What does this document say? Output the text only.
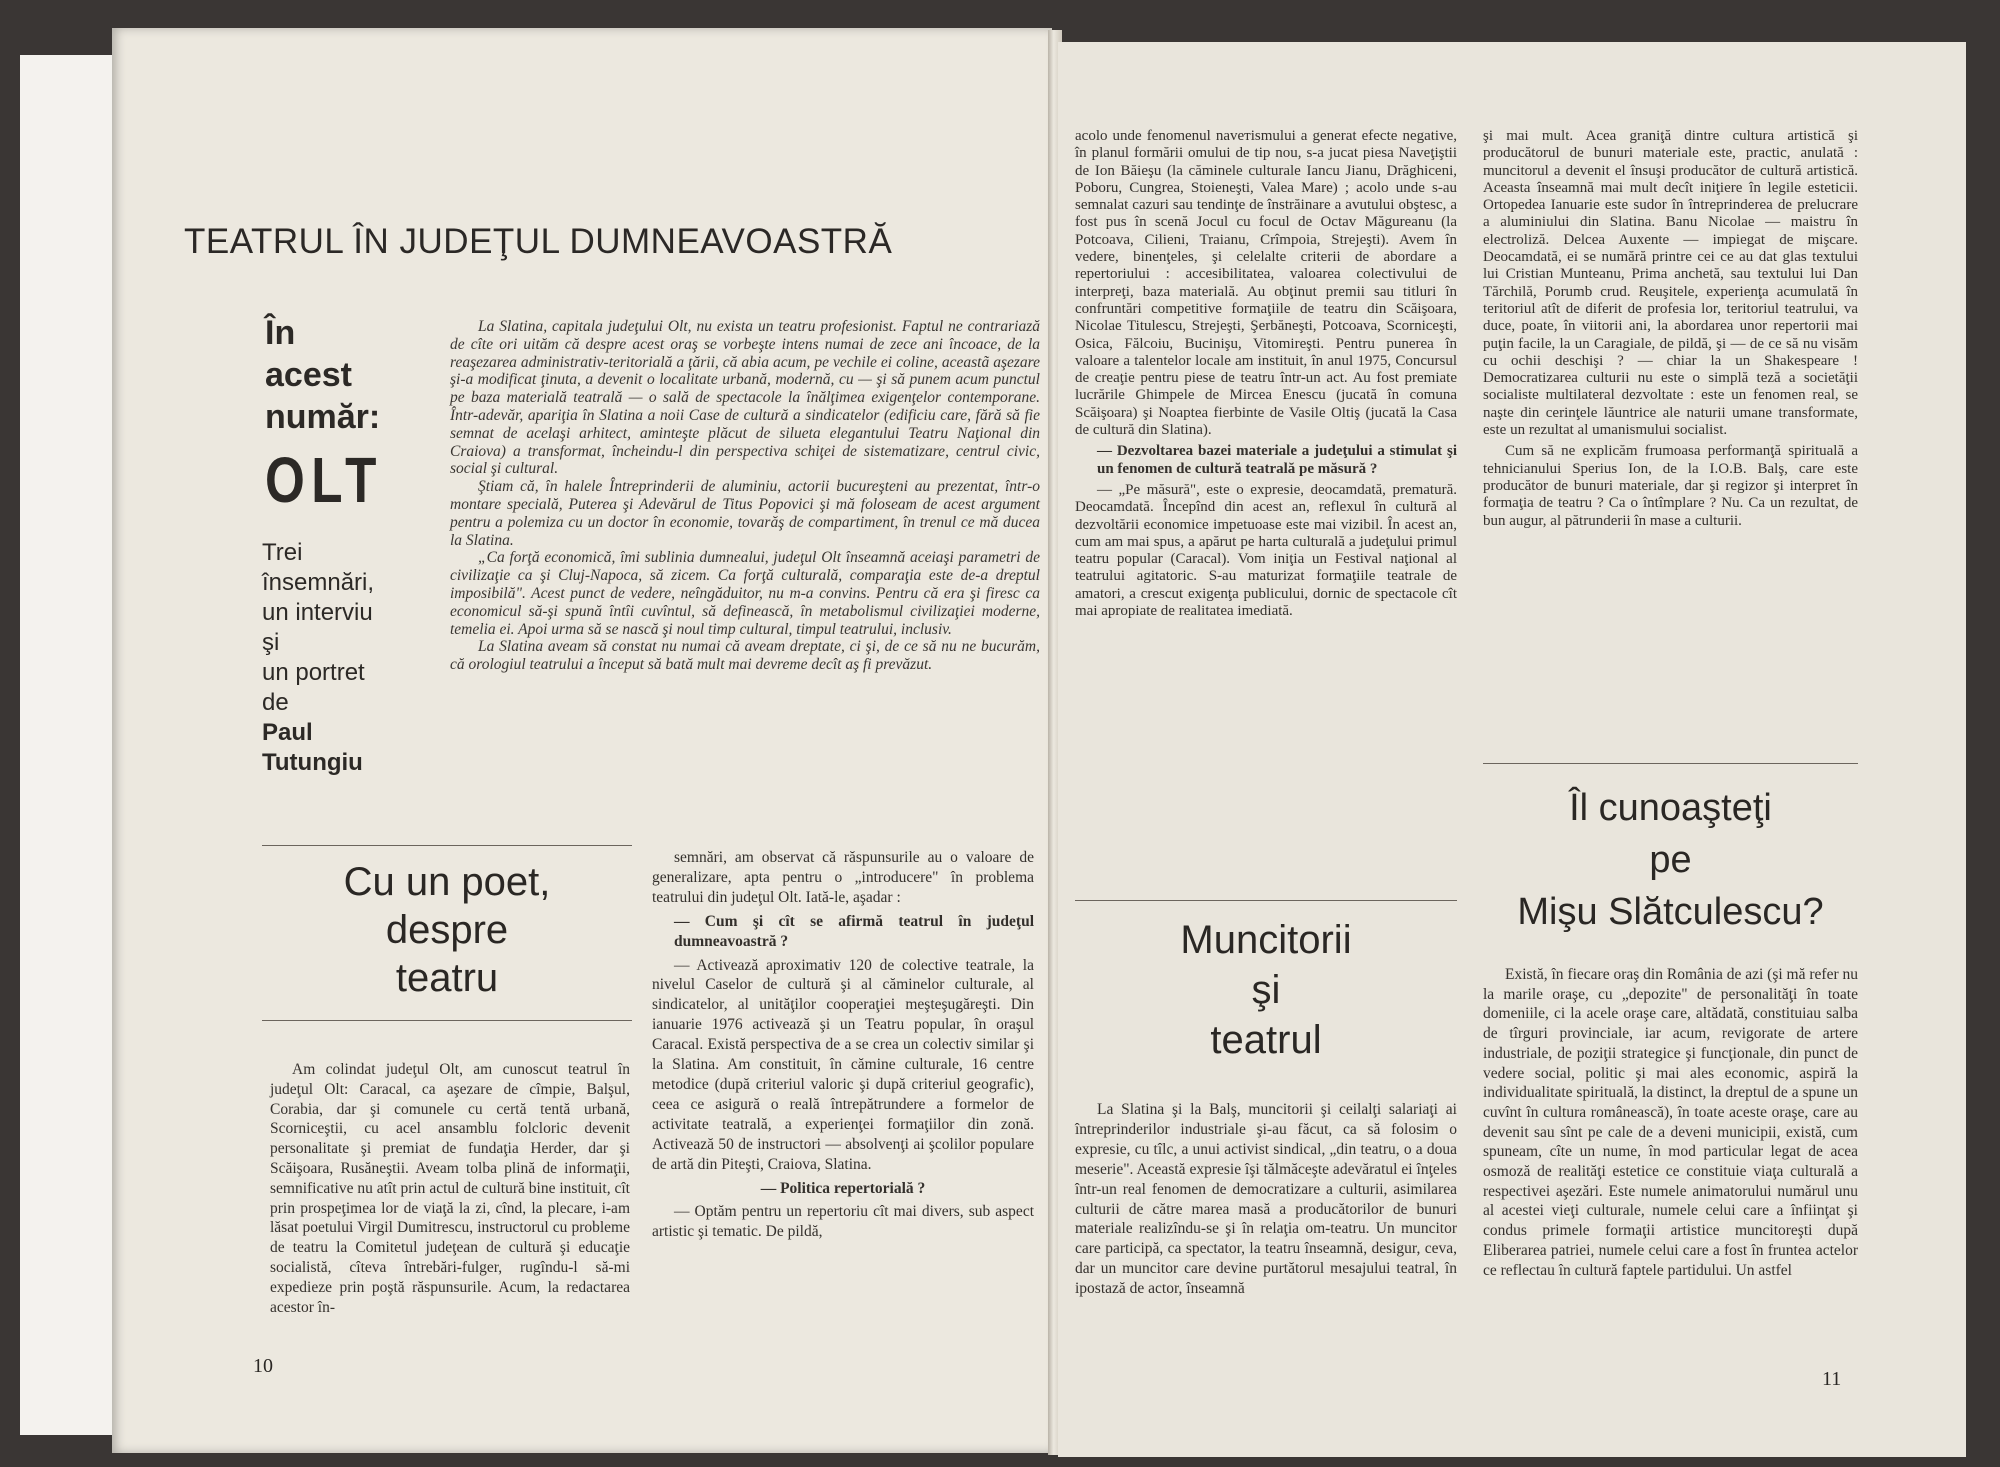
TEATRUL ÎN JUDEŢUL DUMNEAVOASTRĂ
În
acest
număr:
OLT
Trei
însemnări,
un interviu
şi
un portret
de
Paul
Tutungiu

La Slatina, capitala judeţului Olt, nu exista un teatru profesionist. Faptul ne contrariază de cîte ori uităm că despre acest oraş se vorbeşte intens numai de zece ani încoace, de la reaşezarea administrativ-teritorială a ţării, că abia acum, pe vechile ei coline, aceastã aşezare şi-a modificat ţinuta, a devenit o localitate urbană, modernă, cu — şi să punem acum punctul pe baza materială teatrală — o sală de spectacole la înălţimea exigenţelor contemporane. Într-adevăr, apariţia în Slatina a noii Case de cultură a sindicatelor (edificiu care, fără să fie semnat de acelaşi arhitect, aminteşte plăcut de silueta elegantului Teatru Naţional din Craiova) a transformat, încheindu-l din perspectiva schiţei de sistematizare, centrul civic, social şi cultural.

Ştiam că, în halele Întreprinderii de aluminiu, actorii bucureşteni au prezentat, într-o montare specială, Puterea şi Adevărul de Titus Popovici şi mă foloseam de acest argument pentru a polemiza cu un doctor în economie, tovarăş de compartiment, în trenul ce mă ducea la Slatina.

„Ca forţă economică, îmi sublinia dumnealui, judeţul Olt înseamnă aceiaşi parametri de civilizaţie ca şi Cluj-Napoca, să zicem. Ca forţă culturală, comparaţia este de-a dreptul imposibilă". Acest punct de vedere, neîngăduitor, nu m-a convins. Pentru că era şi firesc ca economicul să-şi spună întîi cuvîntul, să definească, în metabolismul civilizaţiei moderne, temelia ei. Apoi urma să se nască şi noul timp cultural, timpul teatrului, inclusiv.

La Slatina aveam să constat nu numai că aveam dreptate, ci şi, de ce să nu ne bucurăm, că orologiul teatrului a început să bată mult mai devreme decît aş fi prevăzut.

Cu un poet,
despre
teatru

Am colindat judeţul Olt, am cunoscut teatrul în judeţul Olt: Caracal, ca aşezare de cîmpie, Balşul, Corabia, dar şi comunele cu certă tentă urbană, Scorniceştii, cu acel ansamblu folcloric devenit personalitate şi premiat de fundaţia Herder, dar şi Scăişoara, Rusăneştii. Aveam tolba plină de informaţii, semnificative nu atît prin actul de cultură bine instituit, cît prin prospeţimea lor de viaţă la zi, cînd, la plecare, i-am lăsat poetului Virgil Dumitrescu, instructorul cu probleme de teatru la Comitetul judeţean de cultură şi educaţie socialistă, cîteva întrebări-fulger, rugîndu-l să-mi expedieze prin poştă răspunsurile. Acum, la redactarea acestor în-

semnări, am observat că răspunsurile au o valoare de generalizare, apta pentru o „introducere" în problema teatrului din judeţul Olt. Iată-le, aşadar :

— Cum şi cît se afirmă teatrul în judeţul dumneavoastră ?

— Activează aproximativ 120 de colective teatrale, la nivelul Caselor de cultură şi al căminelor culturale, al sindicatelor, al unităţilor cooperaţiei meşteşugăreşti. Din ianuarie 1976 activează şi un Teatru popular, în oraşul Caracal. Există perspectiva de a se crea un colectiv similar şi la Slatina. Am constituit, în cămine culturale, 16 centre metodice (după criteriul valoric şi după criteriul geografic), ceea ce asigură o reală întrepătrundere a formelor de activitate teatrală, a experienţei formaţiilor din zonă. Activează 50 de instructori — absolvenţi ai şcolilor populare de artă din Piteşti, Craiova, Slatina.

— Politica repertorială ?

— Optăm pentru un repertoriu cît mai divers, sub aspect artistic şi tematic. De pildă,

10

acolo unde fenomenul naveтismului a generat efecte negative, în planul formării omului de tip nou, s-a jucat piesa Naveţiştii de Ion Băieşu (la căminele culturale Iancu Jianu, Drăghiceni, Poboru, Cungrea, Stoieneşti, Valea Mare) ; acolo unde s-au semnalat cazuri sau tendinţe de înstrăinare a avutului obştesc, a fost pus în scenă Jocul cu focul de Octav Măgureanu (la Potcoava, Cilieni, Traianu, Crîmpoia, Strejeşti). Avem în vedere, binenţeles, şi celelalte criterii de abordare a repertoriului : accesibilitatea, valoarea colectivului de interpreţi, baza materială. Au obţinut premii sau titluri în confruntări competitive formaţiile de teatru din Scăişoara, Nicolae Titulescu, Strejeşti, Şerbăneşti, Potcoava, Scorniceşti, Osica, Fălcoiu, Bucinişu, Vitomireşti. Pentru punerea în valoare a talentelor locale am instituit, în anul 1975, Concursul de creaţie pentru piese de teatru într-un act. Au fost premiate lucrările Ghimpele de Mircea Enescu (jucată în comuna Scăişoara) şi Noaptea fierbinte de Vasile Oltiş (jucată la Casa de cultură din Slatina).

— Dezvoltarea bazei materiale a judeţului a stimulat şi un fenomen de cultură teatrală pe măsură ?

— „Pe măsură", este o expresie, deocamdată, prematură. Deocamdată. Începînd din acest an, reflexul în cultură al dezvoltării economice impetuoase este mai vizibil. În acest an, cum am mai spus, a apărut pe harta culturală a judeţului primul teatru popular (Caracal). Vom iniţia un Festival naţional al teatrului agitatoric. S-au maturizat formaţiile teatrale de amatori, a crescut exigenţa publicului, dornic de spectacole cît mai apropiate de realitatea imediată.

Muncitorii
şi
teatrul

La Slatina şi la Balş, muncitorii şi ceilalţi salariaţi ai întreprinderilor industriale şi-au făcut, ca să folosim o expresie, cu tîlc, a unui activist sindical, „din teatru, o a doua meserie". Această expresie îşi tălmăceşte adevăratul ei înţeles într-un real fenomen de democratizare a culturii, asimilarea culturii de către marea masă a producătorilor de bunuri materiale realizîndu-se şi în relaţia om-teatru. Un muncitor care participă, ca spectator, la teatru înseamnă, desigur, ceva, dar un muncitor care devine purtătorul mesajului teatral, în ipostază de actor, înseamnă

şi mai mult. Acea graniţă dintre cultura artistică şi producătorul de bunuri materiale este, practic, anulată : muncitorul a devenit el însuşi producător de cultură artistică. Aceasta înseamnă mai mult decît iniţiere în legile esteticii. Ortopedea Ianuarie este sudor în întreprinderea de prelucrare a aluminiului din Slatina. Banu Nicolae — maistru în electroliză. Delcea Auxente — impiegat de mişcare. Deocamdată, ei se numără printre cei ce au dat glas textului lui Cristian Munteanu, Prima anchetă, sau textului lui Dan Tărchilă, Porumb crud. Reuşitele, experienţa acumulată în teritoriul atît de diferit de profesia lor, teritoriul teatrului, va duce, poate, în viitorii ani, la abordarea unor repertorii mai puţin facile, la un Caragiale, de pildă, şi — de ce să nu visăm cu ochii deschişi ? — chiar la un Shakespeare ! Democratizarea culturii nu este o simplă teză a societăţii socialiste multilateral dezvoltate : este un fenomen real, se naşte din cerinţele lăuntrice ale naturii umane transformate, este un rezultat al umanismului socialist.

Cum să ne explicăm frumoasa performanţă spirituală a tehnicianului Sperius Ion, de la I.O.B. Balş, care este producător de bunuri materiale, dar şi regizor şi interpret în formaţia de teatru ? Ca o întîmplare ? Nu. Ca un rezultat, de bun augur, al pătrunderii în mase a culturii.

Îl cunoaşteţi
pe
Mişu Slătculescu?

Există, în fiecare oraş din România de azi (şi mă refer nu la marile oraşe, cu „depozite" de personalităţi în toate domeniile, ci la acele oraşe care, altădată, constituiau salba de tîrguri provinciale, iar acum, revigorate de artere industriale, de poziţii strategice şi funcţionale, din punct de vedere social, politic şi mai ales economic, aspiră la individualitate spirituală, la distinct, la dreptul de a spune un cuvînt în cultura românească), în toate aceste oraşe, care au devenit sau sînt pe cale de a deveni municipii, există, cum spuneam, cîte un nume, în mod particular legat de acea osmoză de realităţi estetice ce constituie viaţa culturală a respectivei aşezări. Este numele animatorului numărul unu al acestei vieţi culturale, numele celui care a înfiinţat şi condus primele formaţii artistice muncitoreşti după Eliberarea patriei, numele celui care a fost în fruntea actelor ce reflectau în cultură faptele partidului. Un astfel

11
